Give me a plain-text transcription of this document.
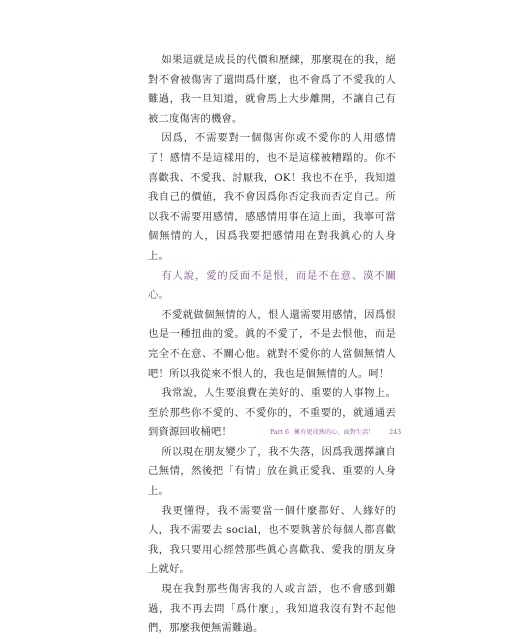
如果這就是成長的代價和歷練，那麼現在的我，絕對不會被傷害了還問爲什麼，也不會爲了不愛我的人難過，我一旦知道，就會馬上大步離開，不讓自己有被二度傷害的機會。

因爲，不需要對一個傷害你或不愛你的人用感情了！感情不是這樣用的，也不是這樣被糟蹋的。你不喜歡我、不愛我、討厭我，OK！我也不在乎，我知道我自己的價値，我不會因爲你否定我而否定自己。所以我不需要用感情，感感情用事在這上面，我寧可當個無情的人，因爲我要把感情用在對我眞心的人身上。

有人說，愛的反面不是恨，而是不在意、漠不關心。

不愛就做個無情的人，恨人還需要用感情，因爲恨也是一種扭曲的愛。眞的不愛了，不是去恨他，而是完全不在意、不關心他。就對不愛你的人當個無情人吧！所以我從來不恨人的，我也是個無情的人。呵！

我常說，人生要浪費在美好的、重要的人事物上。至於那些你不愛的、不愛你的，不重要的，就通通丟到資源回收桶吧！

所以現在朋友變少了，我不失落，因爲我選擇讓自己無情，然後把「有情」放在眞正愛我、重要的人身上。

我更懂得，我不需要當一個什麼都好、人緣好的人，我不需要去 social，也不要執著於每個人都喜歡我，我只要用心經營那些眞心喜歡我、愛我的朋友身上就好。

現在我對那些傷害我的人或言語，也不會感到難過，我不再去問「爲什麼」，我知道我沒有對不起他們，那麼我便無需難過。

Part 6 擁有更成熟的心，面對生活！ 243
